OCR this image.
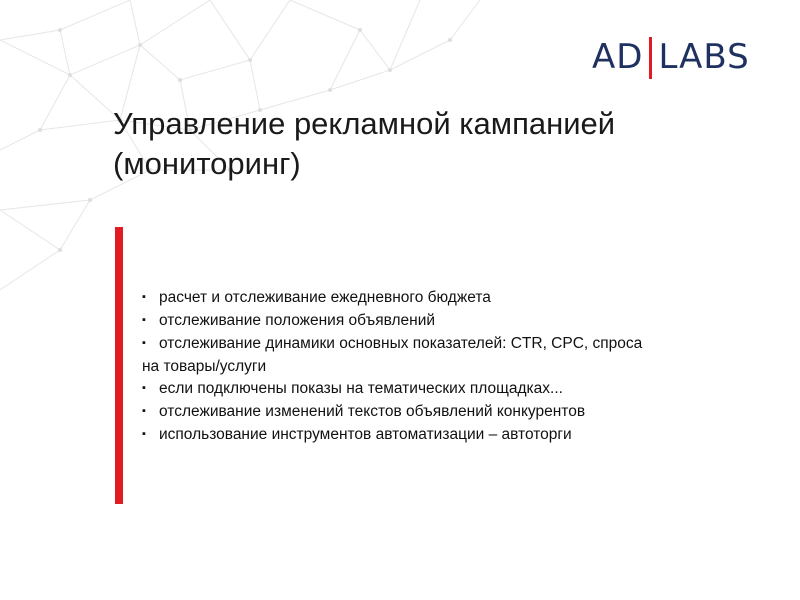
AD LABS
Управление рекламной кампанией
(мониторинг)
▪ расчет и отслеживание ежедневного бюджета
▪ отслеживание положения объявлений
▪ отслеживание динамики основных показателей: CTR, CPC, спроса
на товары/услуги
▪ если подключены показы на тематических площадках...
▪ отслеживание изменений текстов объявлений конкурентов
▪ использование инструментов автоматизации – автоторги
